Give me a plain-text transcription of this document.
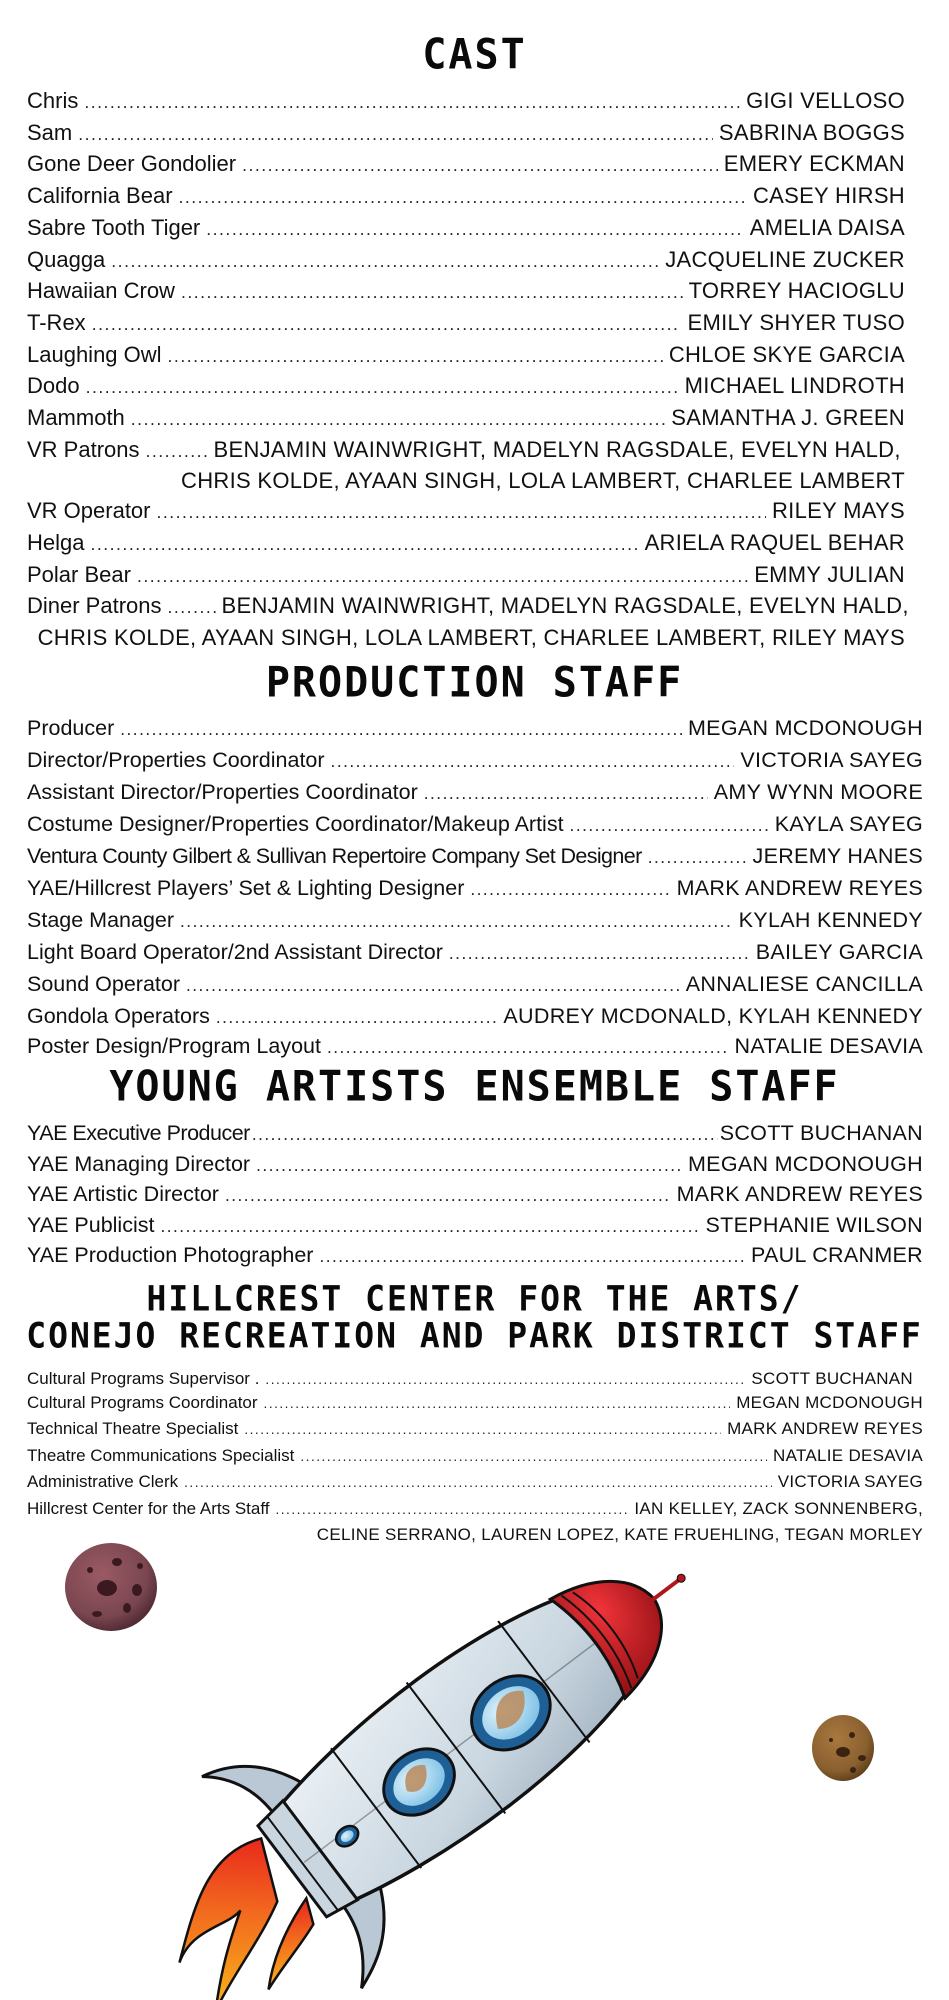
CAST
Chris .....	GIGI VELLOSO
Sam .....	SABRINA BOGGS
Gone Deer Gondolier .....	EMERY ECKMAN
California Bear .....	CASEY HIRSH
Sabre Tooth Tiger .....	AMELIA DAISA
Quagga .....	JACQUELINE ZUCKER
Hawaiian Crow .....	TORREY HACIOGLU
T-Rex .....	EMILY SHYER TUSO
Laughing Owl .....	CHLOE SKYE GARCIA
Dodo .....	MICHAEL LINDROTH
Mammoth .....	SAMANTHA J. GREEN
VR Patrons .....	BENJAMIN WAINWRIGHT, MADELYN RAGSDALE, EVELYN HALD,
CHRIS KOLDE, AYAAN SINGH, LOLA LAMBERT, CHARLEE LAMBERT
VR Operator .....	RILEY MAYS
Helga .....	ARIELA RAQUEL BEHAR
Polar Bear .....	EMMY JULIAN
Diner Patrons .....	BENJAMIN WAINWRIGHT, MADELYN RAGSDALE, EVELYN HALD,
CHRIS KOLDE, AYAAN SINGH, LOLA LAMBERT, CHARLEE LAMBERT, RILEY MAYS
PRODUCTION STAFF
Producer .....	MEGAN MCDONOUGH
Director/Properties Coordinator .....	VICTORIA SAYEG
Assistant Director/Properties Coordinator .....	AMY WYNN MOORE
Costume Designer/Properties Coordinator/Makeup Artist .....	KAYLA SAYEG
Ventura County Gilbert & Sullivan Repertoire Company Set Designer .....	JEREMY HANES
YAE/Hillcrest Players’ Set & Lighting Designer .....	MARK ANDREW REYES
Stage Manager .....	KYLAH KENNEDY
Light Board Operator/2nd Assistant Director .....	BAILEY GARCIA
Sound Operator .....	ANNALIESE CANCILLA
Gondola Operators .....	AUDREY MCDONALD, KYLAH KENNEDY
Poster Design/Program Layout .....	NATALIE DESAVIA
YOUNG ARTISTS ENSEMBLE STAFF
YAE Executive Producer .....	SCOTT BUCHANAN
YAE Managing Director .....	MEGAN MCDONOUGH
YAE Artistic Director .....	MARK ANDREW REYES
YAE Publicist .....	STEPHANIE WILSON
YAE Production Photographer .....	PAUL CRANMER
HILLCREST CENTER FOR THE ARTS/
CONEJO RECREATION AND PARK DISTRICT STAFF
Cultural Programs Supervisor . .....	SCOTT BUCHANAN
Cultural Programs Coordinator .....	MEGAN MCDONOUGH
Technical Theatre Specialist .....	MARK ANDREW REYES
Theatre Communications Specialist .....	NATALIE DESAVIA
Administrative Clerk .....	VICTORIA SAYEG
Hillcrest Center for the Arts Staff .....	IAN KELLEY, ZACK SONNENBERG,
CELINE SERRANO, LAUREN LOPEZ, KATE FRUEHLING, TEGAN MORLEY
